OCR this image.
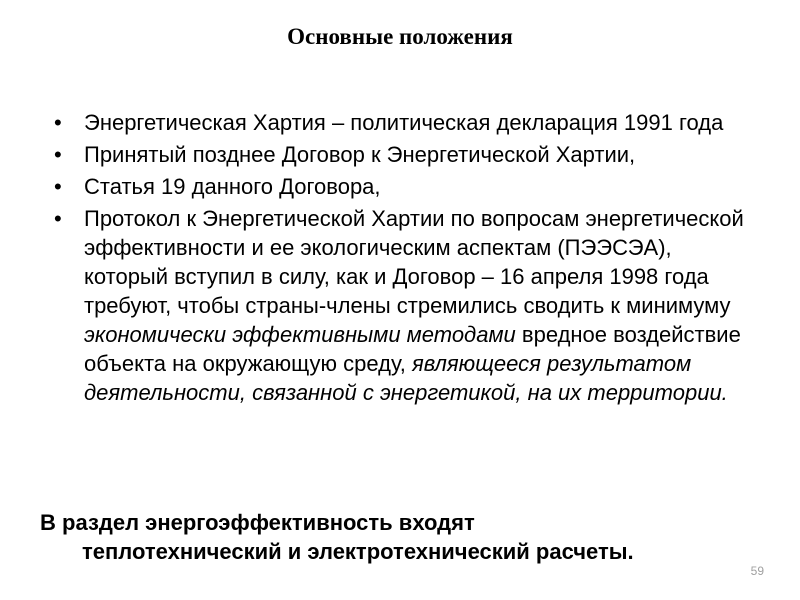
Основные положения
• Энергетическая Хартия – политическая декларация 1991 года
• Принятый позднее Договор к Энергетической Хартии,
• Статья 19 данного Договора,
• Протокол к Энергетической Хартии по вопросам энергетической эффективности и ее экологическим аспектам (ПЭЭСЭА), который вступил в силу, как и Договор – 16 апреля 1998 года требуют, чтобы страны-члены стремились сводить к минимуму экономически эффективными методами вредное воздействие объекта на окружающую среду, являющееся результатом деятельности, связанной с энергетикой, на их территории.
В раздел энергоэффективность входят
теплотехнический и электротехнический расчеты.
59
